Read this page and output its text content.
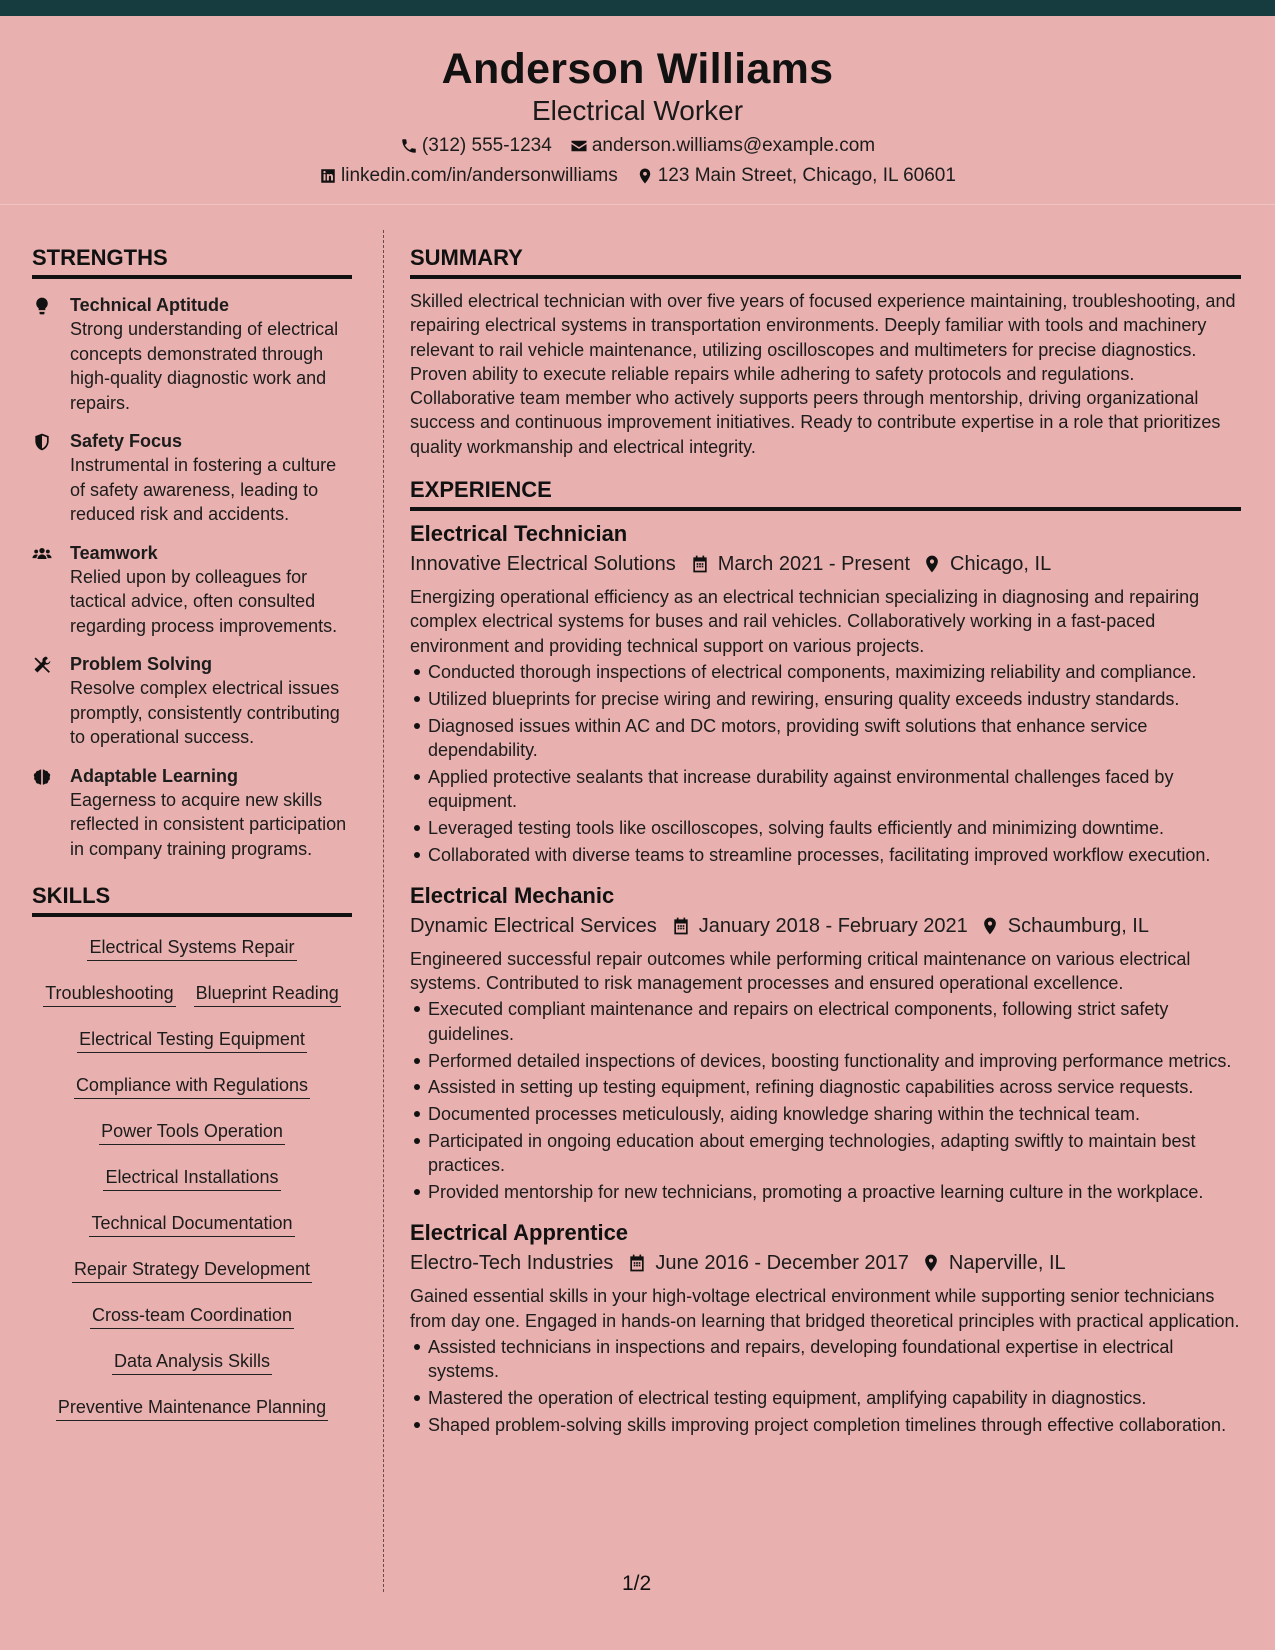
Anderson Williams
Electrical Worker
(312) 555-1234 anderson.williams@example.com
linkedin.com/in/andersonwilliams 123 Main Street, Chicago, IL 60601
STRENGTHS
Technical Aptitude
Strong understanding of electrical concepts demonstrated through high-quality diagnostic work and repairs.
Safety Focus
Instrumental in fostering a culture of safety awareness, leading to reduced risk and accidents.
Teamwork
Relied upon by colleagues for tactical advice, often consulted regarding process improvements.
Problem Solving
Resolve complex electrical issues promptly, consistently contributing to operational success.
Adaptable Learning
Eagerness to acquire new skills reflected in consistent participation in company training programs.
SKILLS
Electrical Systems Repair
Troubleshooting Blueprint Reading
Electrical Testing Equipment
Compliance with Regulations
Power Tools Operation
Electrical Installations
Technical Documentation
Repair Strategy Development
Cross-team Coordination
Data Analysis Skills
Preventive Maintenance Planning
SUMMARY
Skilled electrical technician with over five years of focused experience maintaining, troubleshooting, and repairing electrical systems in transportation environments. Deeply familiar with tools and machinery relevant to rail vehicle maintenance, utilizing oscilloscopes and multimeters for precise diagnostics. Proven ability to execute reliable repairs while adhering to safety protocols and regulations. Collaborative team member who actively supports peers through mentorship, driving organizational success and continuous improvement initiatives. Ready to contribute expertise in a role that prioritizes quality workmanship and electrical integrity.
EXPERIENCE
Electrical Technician
Innovative Electrical Solutions March 2021 - Present Chicago, IL
Energizing operational efficiency as an electrical technician specializing in diagnosing and repairing complex electrical systems for buses and rail vehicles. Collaboratively working in a fast-paced environment and providing technical support on various projects.
Conducted thorough inspections of electrical components, maximizing reliability and compliance.
Utilized blueprints for precise wiring and rewiring, ensuring quality exceeds industry standards.
Diagnosed issues within AC and DC motors, providing swift solutions that enhance service dependability.
Applied protective sealants that increase durability against environmental challenges faced by equipment.
Leveraged testing tools like oscilloscopes, solving faults efficiently and minimizing downtime.
Collaborated with diverse teams to streamline processes, facilitating improved workflow execution.
Electrical Mechanic
Dynamic Electrical Services January 2018 - February 2021 Schaumburg, IL
Engineered successful repair outcomes while performing critical maintenance on various electrical systems. Contributed to risk management processes and ensured operational excellence.
Executed compliant maintenance and repairs on electrical components, following strict safety guidelines.
Performed detailed inspections of devices, boosting functionality and improving performance metrics.
Assisted in setting up testing equipment, refining diagnostic capabilities across service requests.
Documented processes meticulously, aiding knowledge sharing within the technical team.
Participated in ongoing education about emerging technologies, adapting swiftly to maintain best practices.
Provided mentorship for new technicians, promoting a proactive learning culture in the workplace.
Electrical Apprentice
Electro-Tech Industries June 2016 - December 2017 Naperville, IL
Gained essential skills in your high-voltage electrical environment while supporting senior technicians from day one. Engaged in hands-on learning that bridged theoretical principles with practical application.
Assisted technicians in inspections and repairs, developing foundational expertise in electrical systems.
Mastered the operation of electrical testing equipment, amplifying capability in diagnostics.
Shaped problem-solving skills improving project completion timelines through effective collaboration.
1/2
